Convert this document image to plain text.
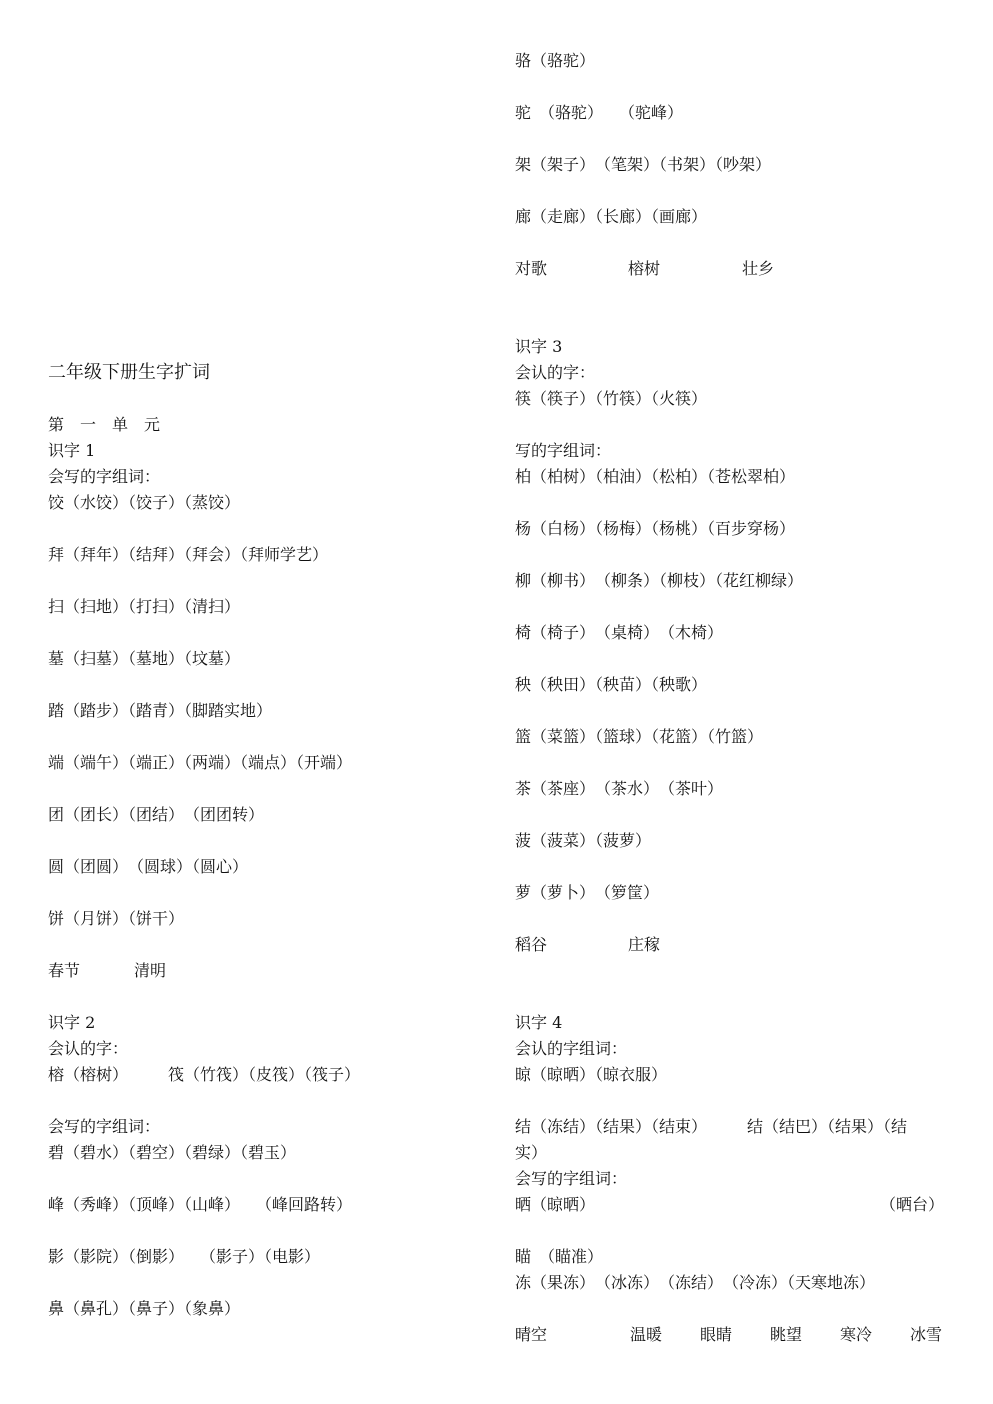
二年级下册生字扩词
第　一　单　元
识字 1
会写的字组词：
饺（水饺）（饺子）（蒸饺）
拜（拜年）（结拜）（拜会）（拜师学艺）
扫（扫地）（打扫）（清扫）
墓（扫墓）（墓地）（坟墓）
踏（踏步）（踏青）（脚踏实地）
端（端午）（端正）（两端）（端点）（开端）
团（团长）（团结）　（团团转）
圆（团圆）　（圆球）（圆心）
饼（月饼）（饼干）
春节	清明
识字 2
会认的字：
榕（榕树）　　　筏（竹筏）（皮筏）（筏子）
会写的字组词：
碧（碧水）（碧空）（碧绿）（碧玉）
峰（秀峰）（顶峰）（山峰）　　（峰回路转）
影（影院）（倒影）　　（影子）（电影）
鼻（鼻孔）（鼻子）（象鼻）
骆（骆驼）
驼　（骆驼）　　（驼峰）
架（架子）　（笔架）（书架）（吵架）
廊（走廊）（长廊）（画廊）
对歌	榕树	壮乡
识字 3
会认的字：
筷（筷子）（竹筷）（火筷）
写的字组词：
柏（柏树）（柏油）（松柏）（苍松翠柏）
杨（白杨）（杨梅）（杨桃）（百步穿杨）
柳（柳书）　（柳条）（柳枝）（花红柳绿）
椅（椅子）　（桌椅）　（木椅）
秧（秧田）（秧苗）（秧歌）
篮（菜篮）（篮球）（花篮）（竹篮）
茶（茶座）　（茶水）　（茶叶）
菠（菠菜）（菠萝）
萝（萝卜）　（箩筐）
稻谷	庄稼
识字 4
会认的字组词：
晾（晾晒）（晾衣服）
结（冻结）（结果）（结束）　　　结（结巴）（结果）（结
实）
会写的字组词：
晒（晾晒）	（晒台）
瞄　（瞄准）
冻（果冻）　（冰冻）　（冻结）　（冷冻）（天寒地冻）
晴空	温暖 眼睛 眺望 寒冷 冰雪
